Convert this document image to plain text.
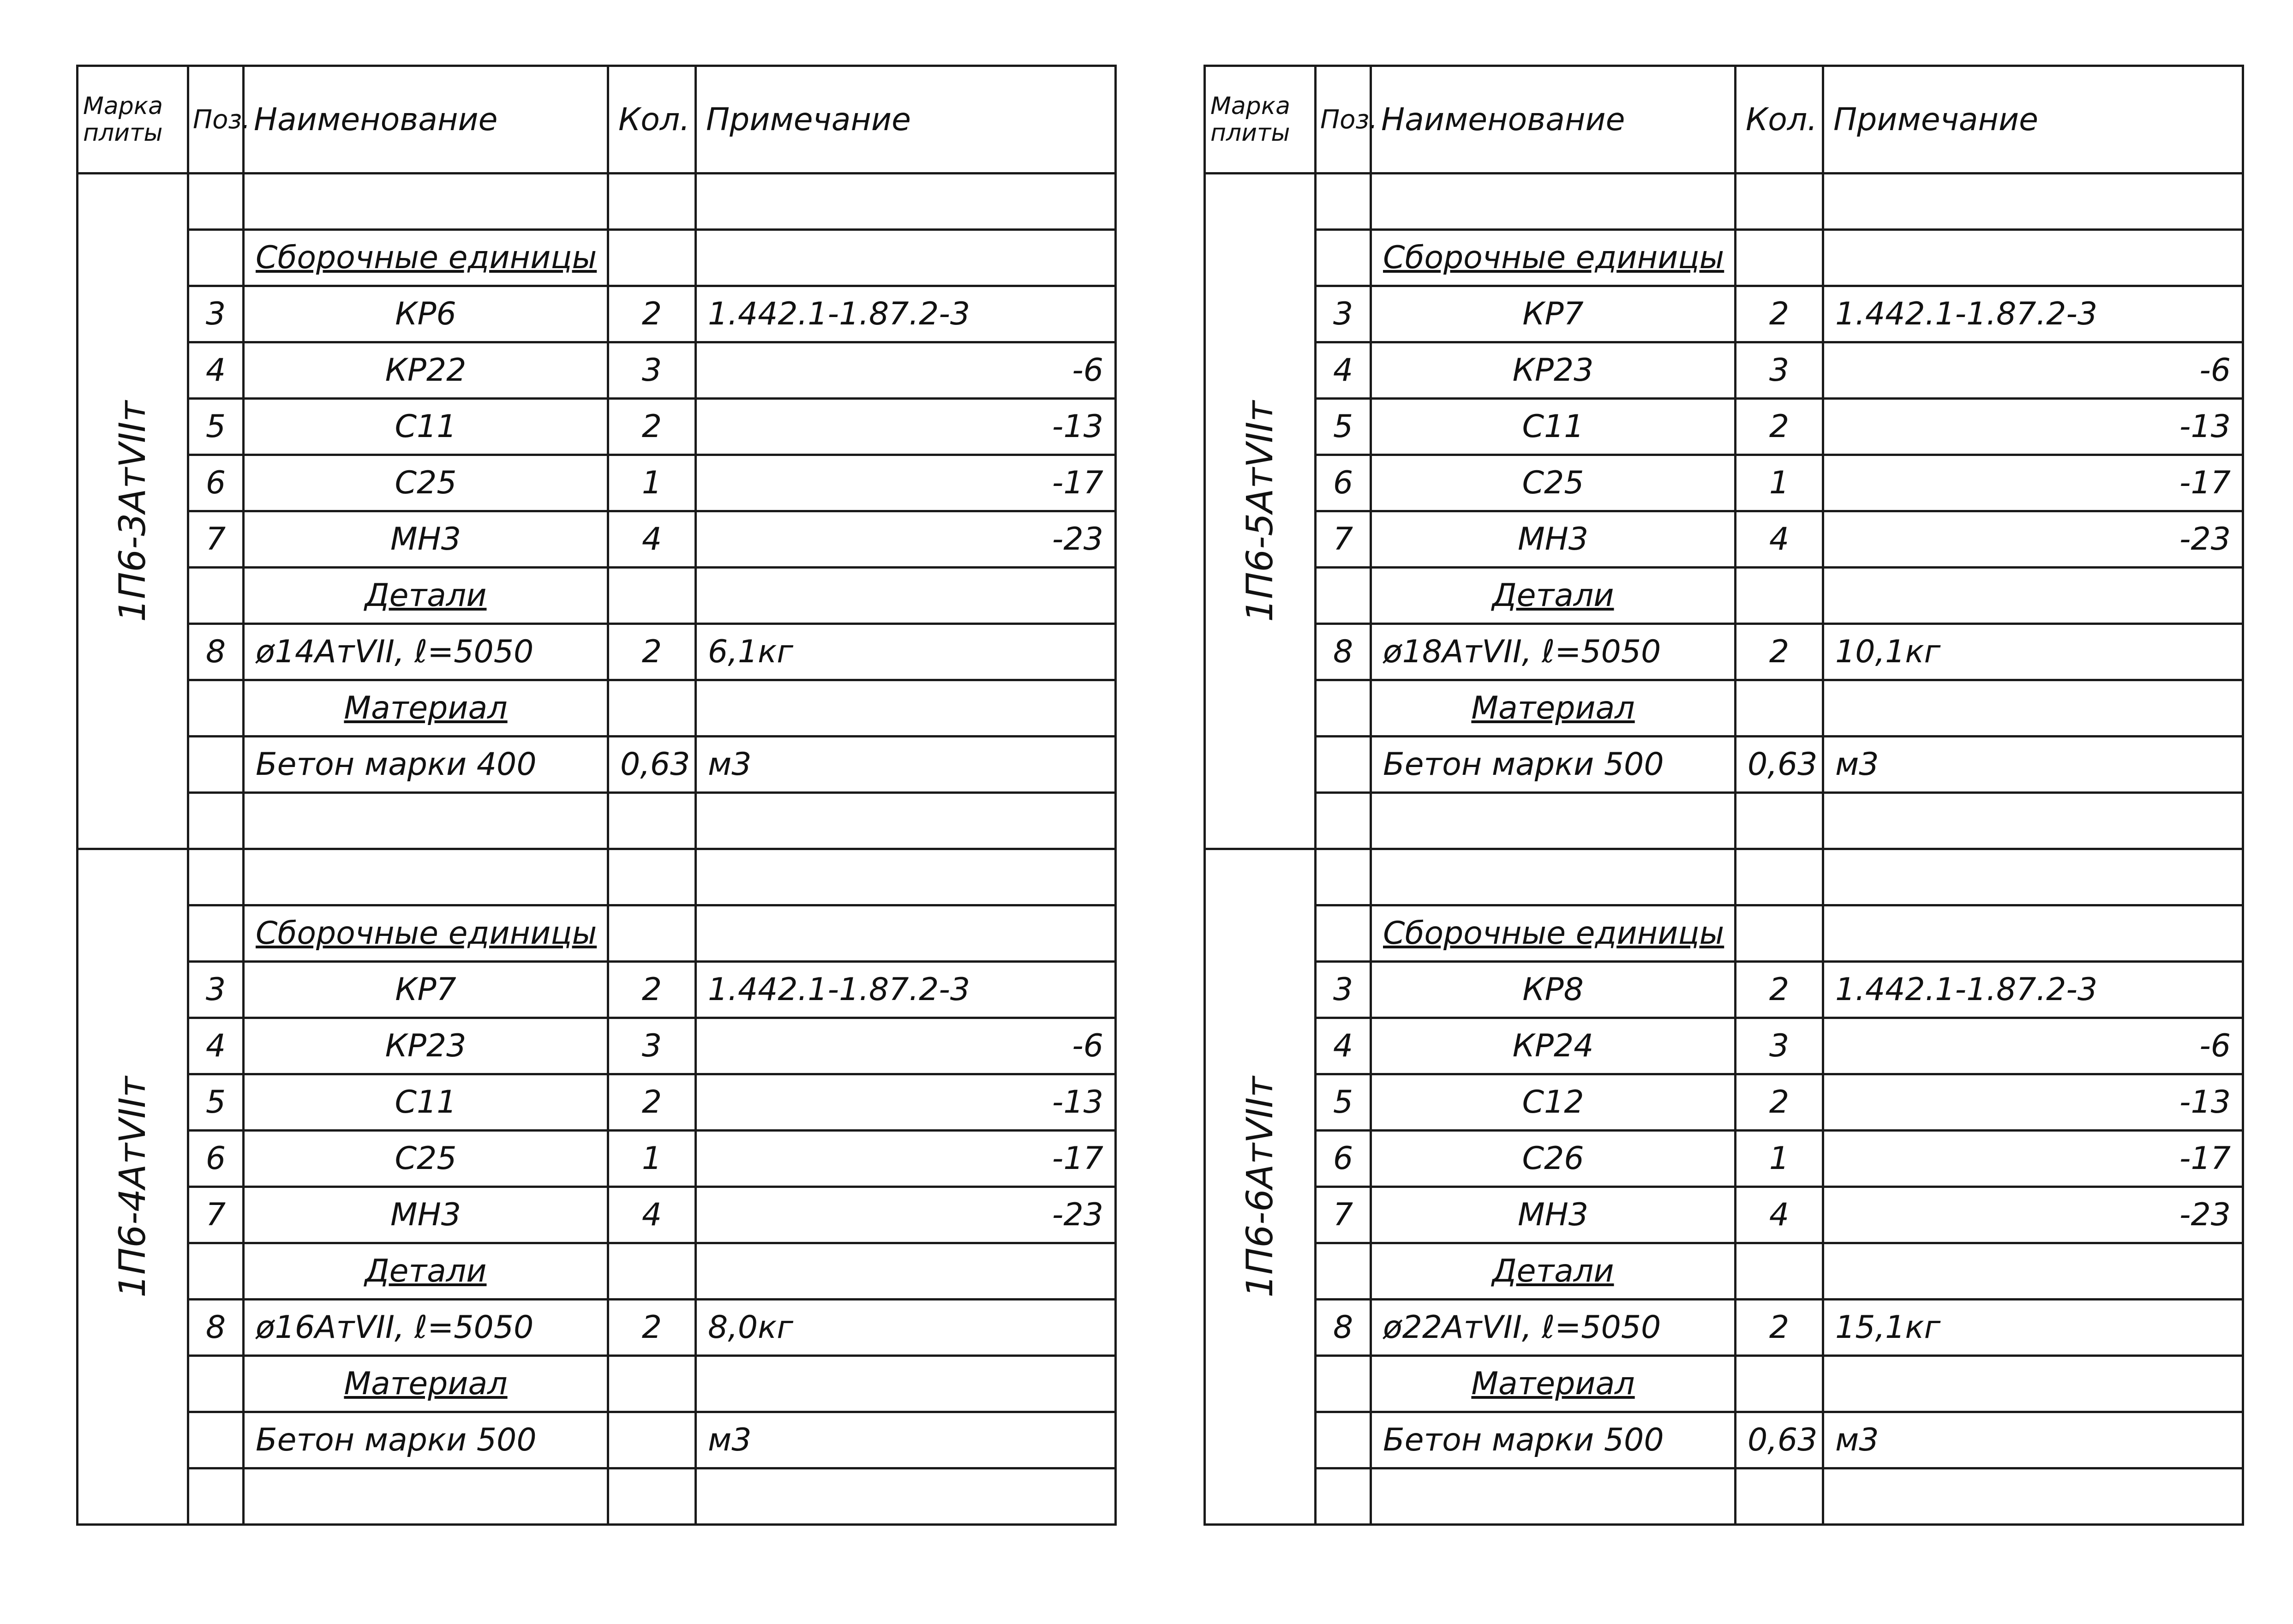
Марка плиты	Поз.	Наименование	Кол.	Примечание

1П6-3AтVIIт				

		Сборочные единицы		
	3	КР6	2	1.442.1-1.87.2-3
	4	КР22	3	-6
	5	С11	2	-13
	6	С25	1	-17
	7	МН3	4	-23
		Детали		
	8	ø14AтVII, ℓ=5050	2	6,1кг
		Материал		
		Бетон марки 400	0,63	м3

1П6-4AтVIIт				

		Сборочные единицы		
	3	КР7	2	1.442.1-1.87.2-3
	4	КР23	3	-6
	5	С11	2	-13
	6	С25	1	-17
	7	МН3	4	-23
		Детали		
	8	ø16AтVII, ℓ=5050	2	8,0кг
		Материал		
		Бетон марки 500		м3

Марка плиты	Поз.	Наименование	Кол.	Примечание

1П6-5AтVIIт				

		Сборочные единицы		
	3	КР7	2	1.442.1-1.87.2-3
	4	КР23	3	-6
	5	С11	2	-13
	6	С25	1	-17
	7	МН3	4	-23
		Детали		
	8	ø18AтVII, ℓ=5050	2	10,1кг
		Материал		
		Бетон марки 500	0,63	м3

1П6-6AтVIIт				

		Сборочные единицы		
	3	КР8	2	1.442.1-1.87.2-3
	4	КР24	3	-6
	5	С12	2	-13
	6	С26	1	-17
	7	МН3	4	-23
		Детали		
	8	ø22AтVII, ℓ=5050	2	15,1кг
		Материал		
		Бетон марки 500	0,63	м3
